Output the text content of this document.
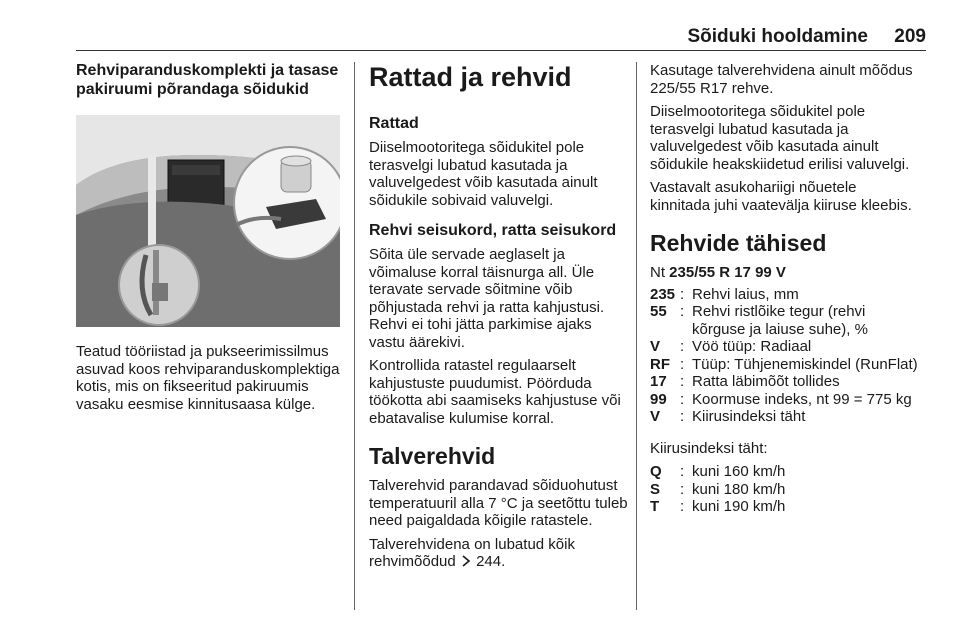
Sõiduki hooldamine 209
Rehviparanduskomplekti ja tasase pakiruumi põrandaga sõidukid

Teatud tööriistad ja pukseerimissilmus asuvad koos rehviparanduskomplektiga kotis, mis on fikseeritud pakiruumis vasaku eesmise kinnitusaasa külge.

Rattad ja rehvid
Rattad

Diiselmootoritega sõidukitel pole terasvelgi lubatud kasutada ja valuvelgedest võib kasutada ainult sõidukile sobivaid valuvelgi.

Rehvi seisukord, ratta seisukord

Sõita üle servade aeglaselt ja võimaluse korral täisnurga all. Üle teravate servade sõitmine võib põhjustada rehvi ja ratta kahjustusi. Rehvi ei tohi jätta parkimise ajaks vastu äärekivi.

Kontrollida ratastel regulaarselt kahjustuste puudumist. Pöörduda töökotta abi saamiseks kahjustuse või ebatavalise kulumise korral.

Talverehvid

Talverehvid parandavad sõiduohutust temperatuuril alla 7 °C ja seetõttu tuleb need paigaldada kõigile ratastele.

Talverehvidena on lubatud kõik rehvimõõdud 244.

Kasutage talverehvidena ainult mõõdus 225/55 R17 rehve.

Diiselmootoritega sõidukitel pole terasvelgi lubatud kasutada ja valuvelgedest võib kasutada ainult sõidukile heakskiidetud erilisi valuvelgi.

Vastavalt asukohariigi nõuetele kinnitada juhi vaatevälja kiiruse kleebis.

Rehvide tähised

Nt 235/55 R 17 99 V

235	:	Rehvi laius, mm
55	:	Rehvi ristlõike tegur (rehvi kõrguse ja laiuse suhe), %
V	:	Vöö tüüp: Radiaal
RF	:	Tüüp: Tühjenemiskindel (RunFlat)
17	:	Ratta läbimõõt tollides
99	:	Koormuse indeks, nt 99 = 775 kg
V	:	Kiirusindeksi täht

Kiirusindeksi täht:

Q	:	kuni 160 km/h
S	:	kuni 180 km/h
T	:	kuni 190 km/h
